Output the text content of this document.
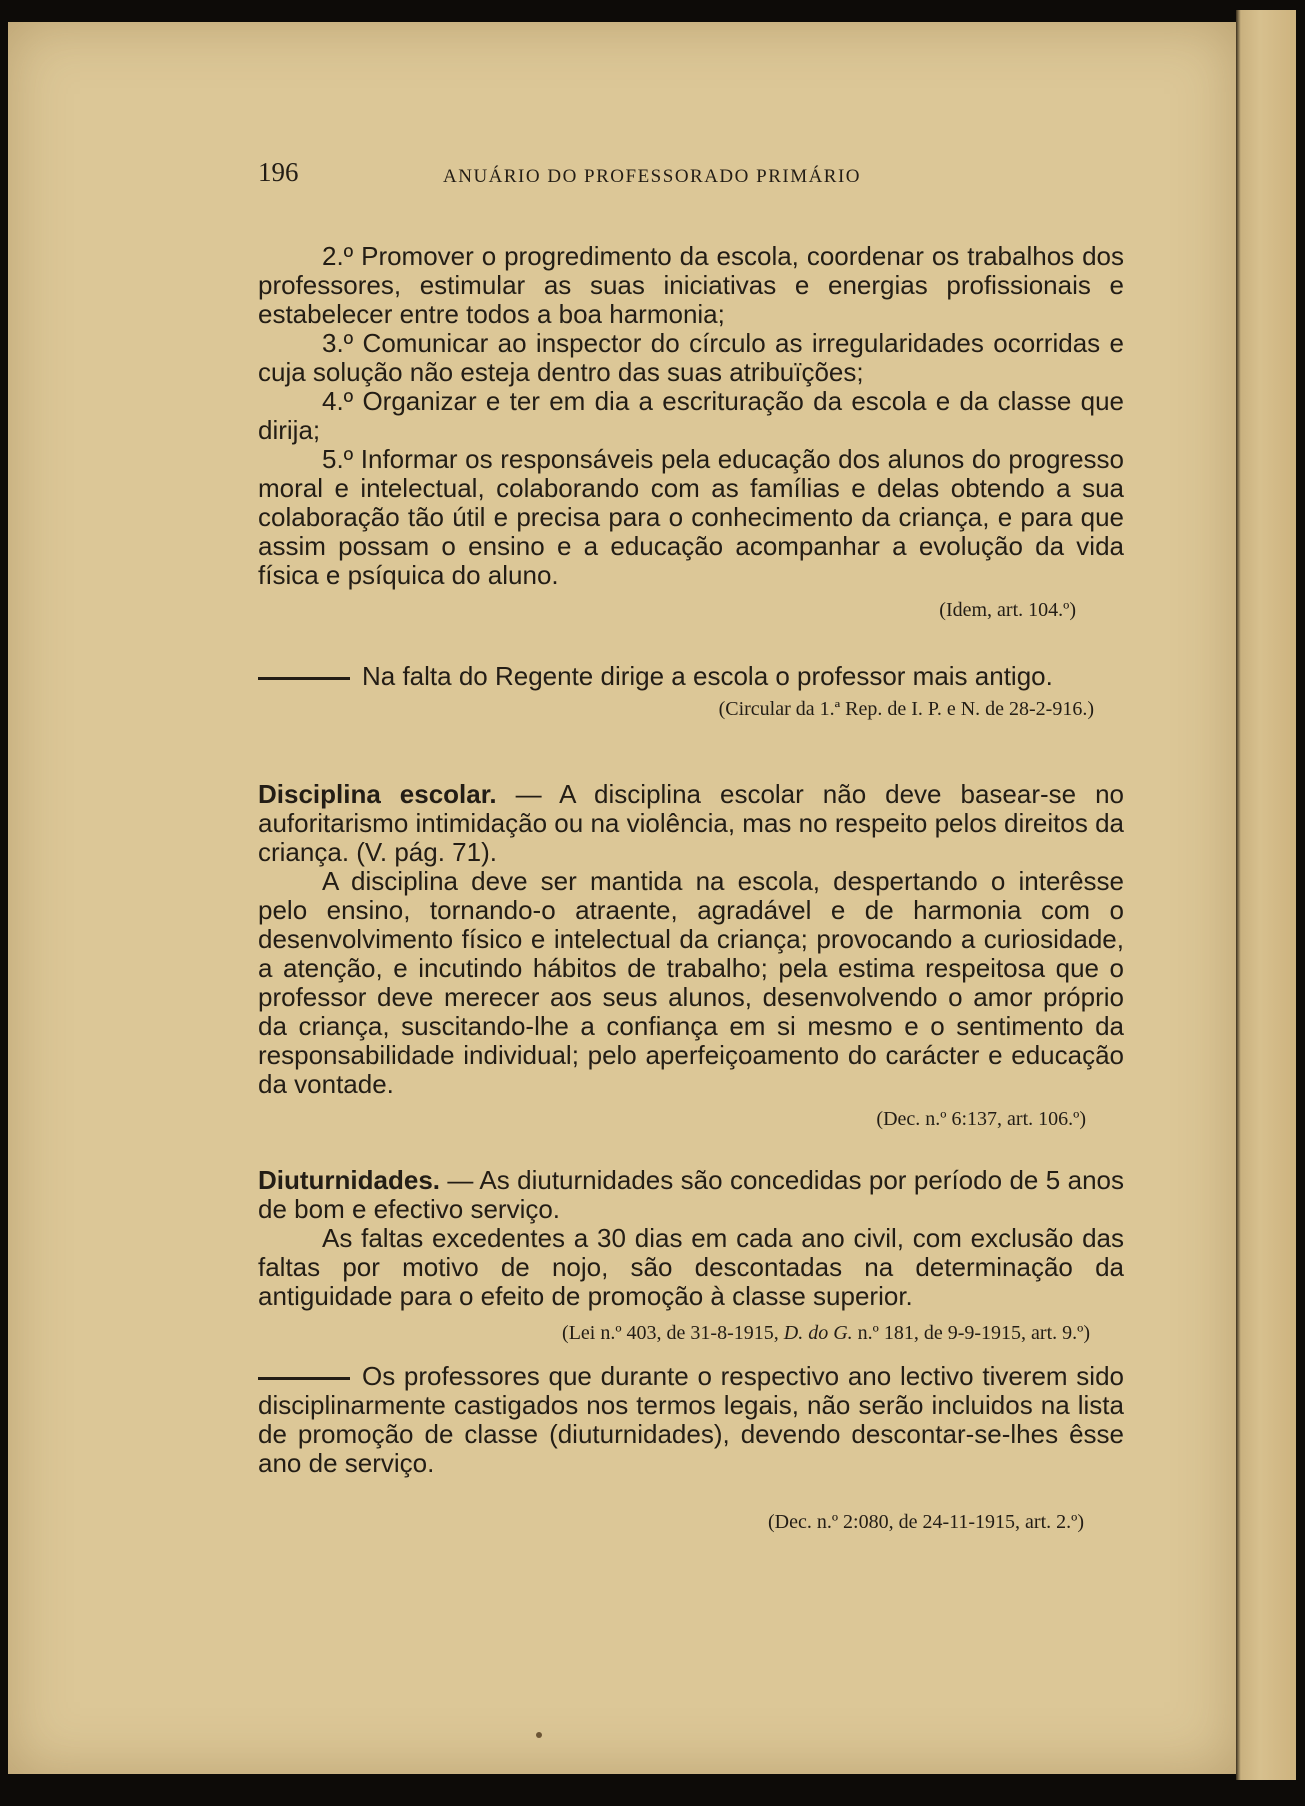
196	ANUÁRIO DO PROFESSORADO PRIMÁRIO

2.º Promover o progredimento da escola, coordenar os trabalhos dos professores, estimular as suas iniciativas e energias profissionais e estabelecer entre todos a boa harmonia;

3.º Comunicar ao inspector do círculo as irregularidades ocorridas e cuja solução não esteja dentro das suas atribuïções;

4.º Organizar e ter em dia a escrituração da escola e da classe que dirija;

5.º Informar os responsáveis pela educação dos alunos do progresso moral e intelectual, colaborando com as famílias e delas obtendo a sua colaboração tão útil e precisa para o conhecimento da criança, e para que assim possam o ensino e a educação acompanhar a evolução da vida física e psíquica do aluno.

(Idem, art. 104.º)

Na falta do Regente dirige a escola o professor mais antigo.

(Circular da 1.ª Rep. de I. P. e N. de 28-2-916.)

Disciplina escolar. — A disciplina escolar não deve basear-se no auforitarismo intimidação ou na violência, mas no respeito pelos direitos da criança. (V. pág. 71).

A disciplina deve ser mantida na escola, despertando o interêsse pelo ensino, tornando-o atraente, agradável e de harmonia com o desenvolvimento físico e intelectual da criança; provocando a curiosidade, a atenção, e incutindo hábitos de trabalho; pela estima respeitosa que o professor deve merecer aos seus alunos, desenvolvendo o amor próprio da criança, suscitando-lhe a confiança em si mesmo e o sentimento da responsabilidade individual; pelo aperfeiçoamento do carácter e educação da vontade.

(Dec. n.º 6:137, art. 106.º)

Diuturnidades. — As diuturnidades são concedidas por período de 5 anos de bom e efectivo serviço.

As faltas excedentes a 30 dias em cada ano civil, com exclusão das faltas por motivo de nojo, são descontadas na determinação da antiguidade para o efeito de promoção à classe superior.

(Lei n.º 403, de 31-8-1915, D. do G. n.º 181, de 9-9-1915, art. 9.º)

Os professores que durante o respectivo ano lectivo tiverem sido disciplinarmente castigados nos termos legais, não serão incluidos na lista de promoção de classe (diuturnidades), devendo descontar-se-lhes êsse ano de serviço.

(Dec. n.º 2:080, de 24-11-1915, art. 2.º)
